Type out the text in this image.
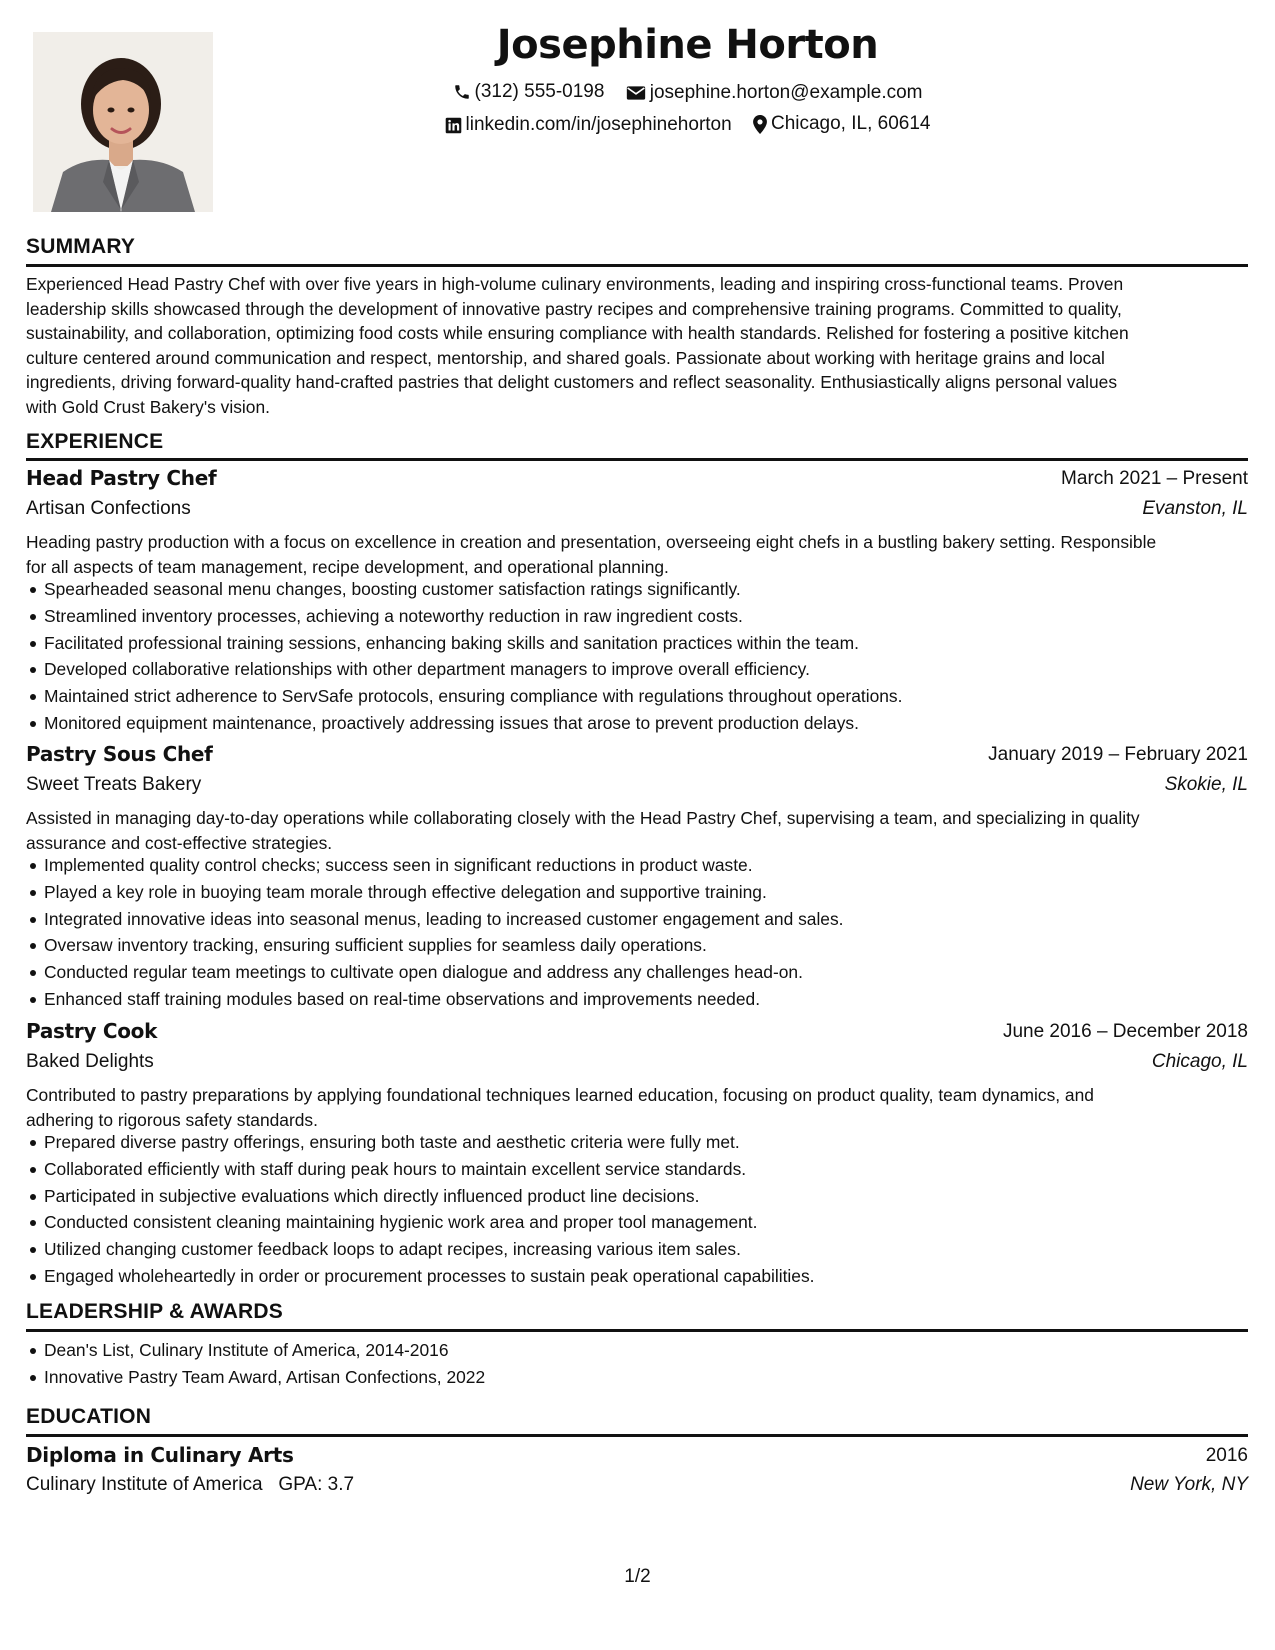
Josephine Horton
(312) 555-0198
josephine.horton@example.com
linkedin.com/in/josephinehorton
Chicago, IL, 60614
SUMMARY
Experienced Head Pastry Chef with over five years in high-volume culinary environments, leading and inspiring cross-functional teams. Proven
leadership skills showcased through the development of innovative pastry recipes and comprehensive training programs. Committed to quality,
sustainability, and collaboration, optimizing food costs while ensuring compliance with health standards. Relished for fostering a positive kitchen
culture centered around communication and respect, mentorship, and shared goals. Passionate about working with heritage grains and local
ingredients, driving forward-quality hand-crafted pastries that delight customers and reflect seasonality. Enthusiastically aligns personal values
with Gold Crust Bakery's vision.
EXPERIENCE
Head Pastry Chef	March 2021 – Present
Artisan Confections	Evanston, IL
Heading pastry production with a focus on excellence in creation and presentation, overseeing eight chefs in a bustling bakery setting. Responsible
for all aspects of team management, recipe development, and operational planning.
Spearheaded seasonal menu changes, boosting customer satisfaction ratings significantly.
Streamlined inventory processes, achieving a noteworthy reduction in raw ingredient costs.
Facilitated professional training sessions, enhancing baking skills and sanitation practices within the team.
Developed collaborative relationships with other department managers to improve overall efficiency.
Maintained strict adherence to ServSafe protocols, ensuring compliance with regulations throughout operations.
Monitored equipment maintenance, proactively addressing issues that arose to prevent production delays.
Pastry Sous Chef	January 2019 – February 2021
Sweet Treats Bakery	Skokie, IL
Assisted in managing day-to-day operations while collaborating closely with the Head Pastry Chef, supervising a team, and specializing in quality
assurance and cost-effective strategies.
Implemented quality control checks; success seen in significant reductions in product waste.
Played a key role in buoying team morale through effective delegation and supportive training.
Integrated innovative ideas into seasonal menus, leading to increased customer engagement and sales.
Oversaw inventory tracking, ensuring sufficient supplies for seamless daily operations.
Conducted regular team meetings to cultivate open dialogue and address any challenges head-on.
Enhanced staff training modules based on real-time observations and improvements needed.
Pastry Cook	June 2016 – December 2018
Baked Delights	Chicago, IL
Contributed to pastry preparations by applying foundational techniques learned education, focusing on product quality, team dynamics, and
adhering to rigorous safety standards.
Prepared diverse pastry offerings, ensuring both taste and aesthetic criteria were fully met.
Collaborated efficiently with staff during peak hours to maintain excellent service standards.
Participated in subjective evaluations which directly influenced product line decisions.
Conducted consistent cleaning maintaining hygienic work area and proper tool management.
Utilized changing customer feedback loops to adapt recipes, increasing various item sales.
Engaged wholeheartedly in order or procurement processes to sustain peak operational capabilities.
LEADERSHIP & AWARDS
Dean's List, Culinary Institute of America, 2014-2016
Innovative Pastry Team Award, Artisan Confections, 2022
EDUCATION
Diploma in Culinary Arts	2016
Culinary Institute of America GPA: 3.7	New York, NY
1/2
